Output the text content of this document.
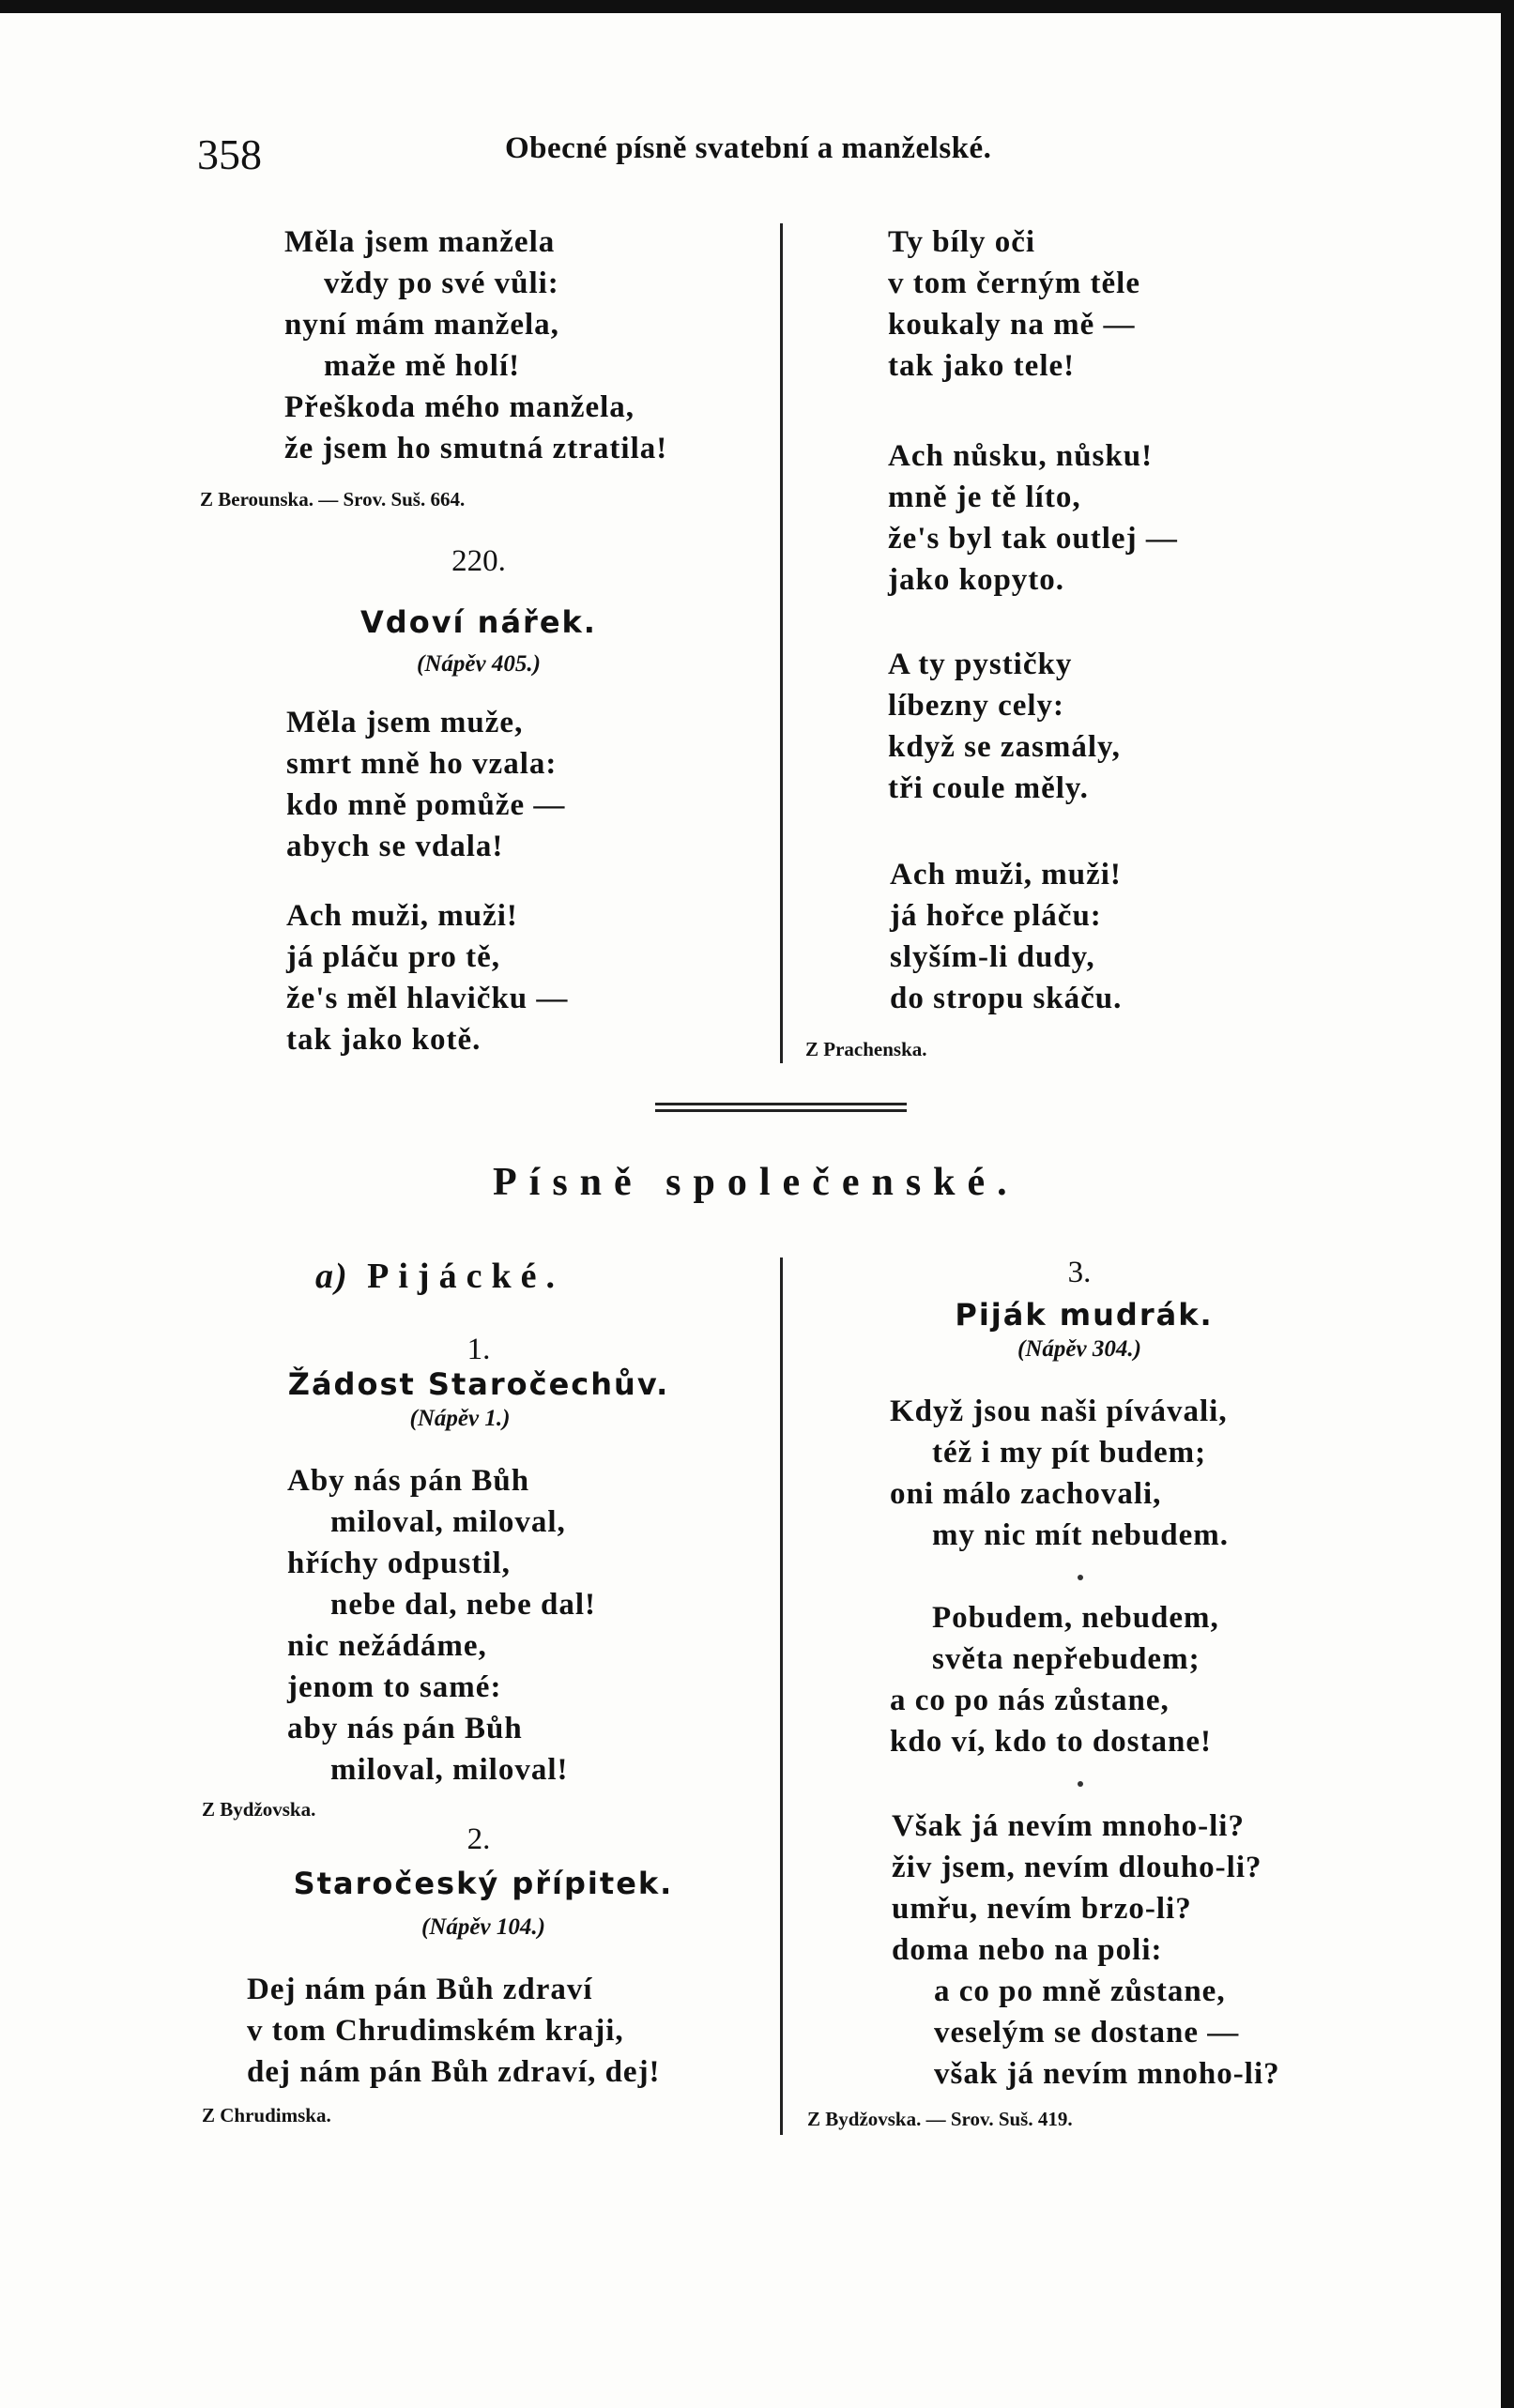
358	Obecné písně svatební a manželské.
Měla jsem manžela
vždy po své vůli:
nyní mám manžela,
maže mě holí!
Přeškoda mého manžela,
že jsem ho smutná ztratila!
Z Berounska. — Srov. Suš. 664.
220.
Vdoví nářek.
(Nápěv 405.)
Měla jsem muže,
smrt mně ho vzala:
kdo mně pomůže —
abych se vdala!
Ach muži, muži!
já pláču pro tě,
že's měl hlavičku —
tak jako kotě.
Ty bíly oči
v tom černým těle
koukaly na mě —
tak jako tele!
Ach nůsku, nůsku!
mně je tě líto,
že's byl tak outlej —
jako kopyto.
A ty pystičky
líbezny cely:
když se zasmály,
tři coule měly.
Ach muži, muži!
já hořce pláču:
slyším-li dudy,
do stropu skáču.
Z Prachenska.
Písně společenské.
a) Pijácké.
1.
Žádost Staročechův.
(Nápěv 1.)
Aby nás pán Bůh
miloval, miloval,
hříchy odpustil,
nebe dal, nebe dal!
nic nežádáme,
jenom to samé:
aby nás pán Bůh
miloval, miloval!
Z Bydžovska.
2.
Staročeský přípitek.
(Nápěv 104.)
Dej nám pán Bůh zdraví
v tom Chrudimském kraji,
dej nám pán Bůh zdraví, dej!
Z Chrudimska.
3.
Piják mudrák.
(Nápěv 304.)
Když jsou naši pívávali,
též i my pít budem;
oni málo zachovali,
my nic mít nebudem.
Pobudem, nebudem,
světa nepřebudem;
a co po nás zůstane,
kdo ví, kdo to dostane!
Však já nevím mnoho-li?
živ jsem, nevím dlouho-li?
umřu, nevím brzo-li?
doma nebo na poli:
a co po mně zůstane,
veselým se dostane —
však já nevím mnoho-li?
Z Bydžovska. — Srov. Suš. 419.
